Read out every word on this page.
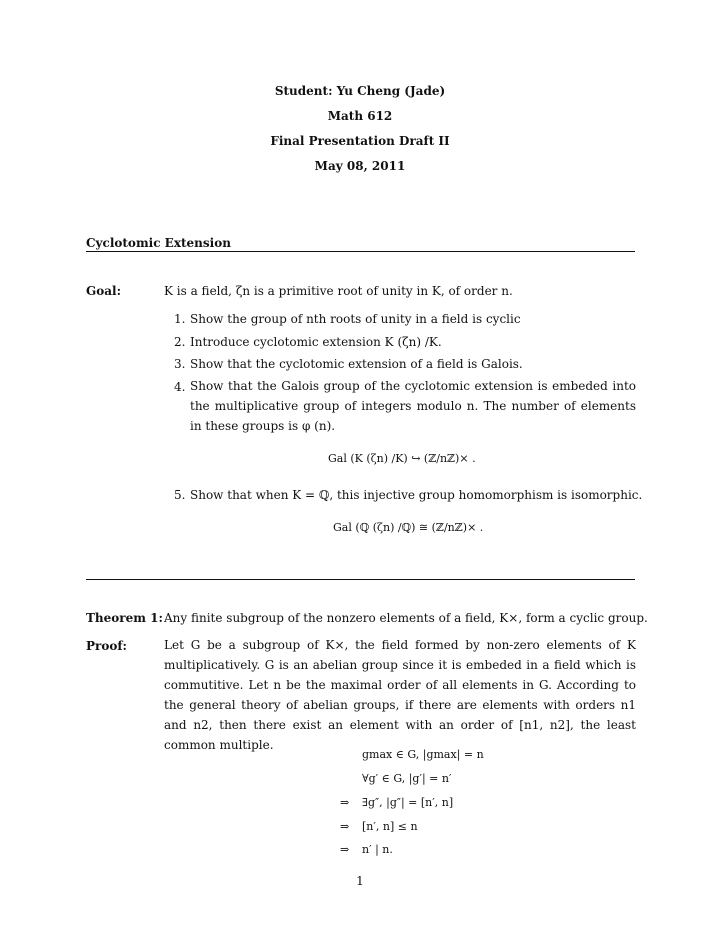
Student: Yu Cheng (Jade)
Math 612
Final Presentation Draft II
May 08, 2011
Cyclotomic Extension
Goal:	K is a field, ζn is a primitive root of unity in K, of order n.
1. Show the group of nth roots of unity in a field is cyclic
2. Introduce cyclotomic extension K (ζn) /K.
3. Show that the cyclotomic extension of a field is Galois.
4. Show that the Galois group of the cyclotomic extension is embeded into the multiplicative group of integers modulo n. The number of elements in these groups is φ (n).
Gal (K (ζn) /K) ↪ (ℤ/nℤ)× .
5. Show that when K = ℚ, this injective group homomorphism is isomorphic.
Gal (ℚ (ζn) /ℚ) ≅ (ℤ/nℤ)× .
Theorem 1: Any finite subgroup of the nonzero elements of a field, K×, form a cyclic group.
Proof:	Let G be a subgroup of K×, the field formed by non-zero elements of K multiplicatively. G is an abelian group since it is embeded in a field which is commutitive. Let n be the maximal order of all elements in G. According to the general theory of abelian groups, if there are elements with orders n1 and n2, then there exist an element with an order of [n1, n2], the least common multiple.
gmax ∈ G, |gmax| = n
∀g′ ∈ G, |g′| = n′
⇒ ∃g″, |g″| = [n′, n]
⇒ [n′, n] ≤ n
⇒ n′ | n.
1
